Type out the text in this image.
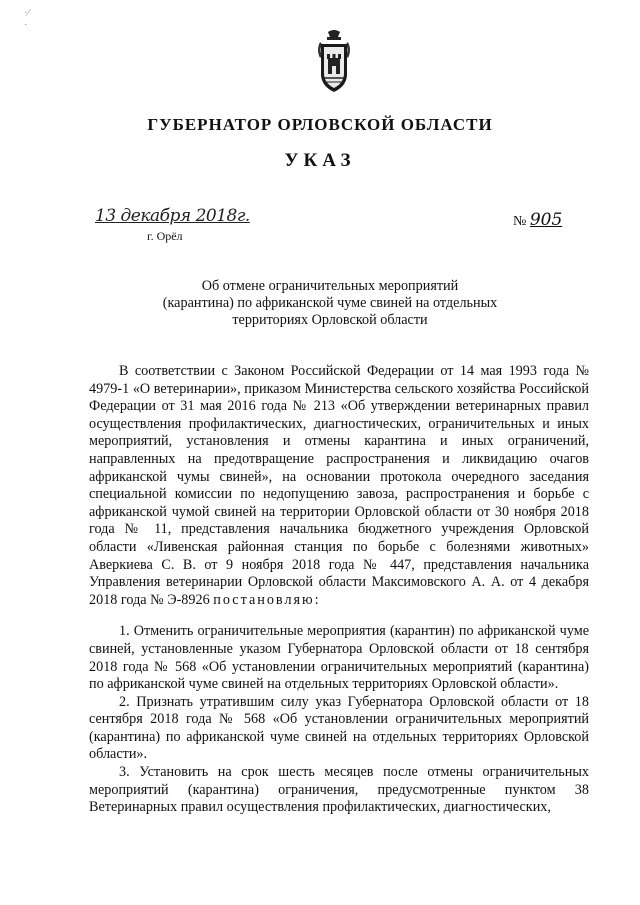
·⁄
·
ГУБЕРНАТОР ОРЛОВСКОЙ ОБЛАСТИ
УКАЗ
13 декабря 2018г.
г. Орёл
№ 905
Об отмене ограничительных мероприятий
(карантина) по африканской чуме свиней на отдельных
территориях Орловской области

В соответствии с Законом Российской Федерации от 14 мая 1993 года № 4979-1 «О ветеринарии», приказом Министерства сельского хозяйства Российской Федерации от 31 мая 2016 года № 213 «Об утверждении ветеринарных правил осуществления профилактических, диагностических, ограничительных и иных мероприятий, установления и отмены карантина и иных ограничений, направленных на предотвращение распространения и ликвидацию очагов африканской чумы свиней», на основании протокола очередного заседания специальной комиссии по недопущению завоза, распространения и борьбе с африканской чумой свиней на территории Орловской области от 30 ноября 2018 года № 11, представления начальника бюджетного учреждения Орловской области «Ливенская районная станция по борьбе с болезнями животных» Аверкиева С. В. от 9 ноября 2018 года № 447, представления начальника Управления ветеринарии Орловской области Максимовского А. А. от 4 декабря 2018 года № Э-8926 постановляю:

1. Отменить ограничительные мероприятия (карантин) по африканской чуме свиней, установленные указом Губернатора Орловской области от 18 сентября 2018 года № 568 «Об установлении ограничительных мероприятий (карантина) по африканской чуме свиней на отдельных территориях Орловской области».

2. Признать утратившим силу указ Губернатора Орловской области от 18 сентября 2018 года № 568 «Об установлении ограничительных мероприятий (карантина) по африканской чуме свиней на отдельных территориях Орловской области».

3. Установить на срок шесть месяцев после отмены ограничительных мероприятий (карантина) ограничения, предусмотренные пунктом 38 Ветеринарных правил осуществления профилактических, диагностических,
